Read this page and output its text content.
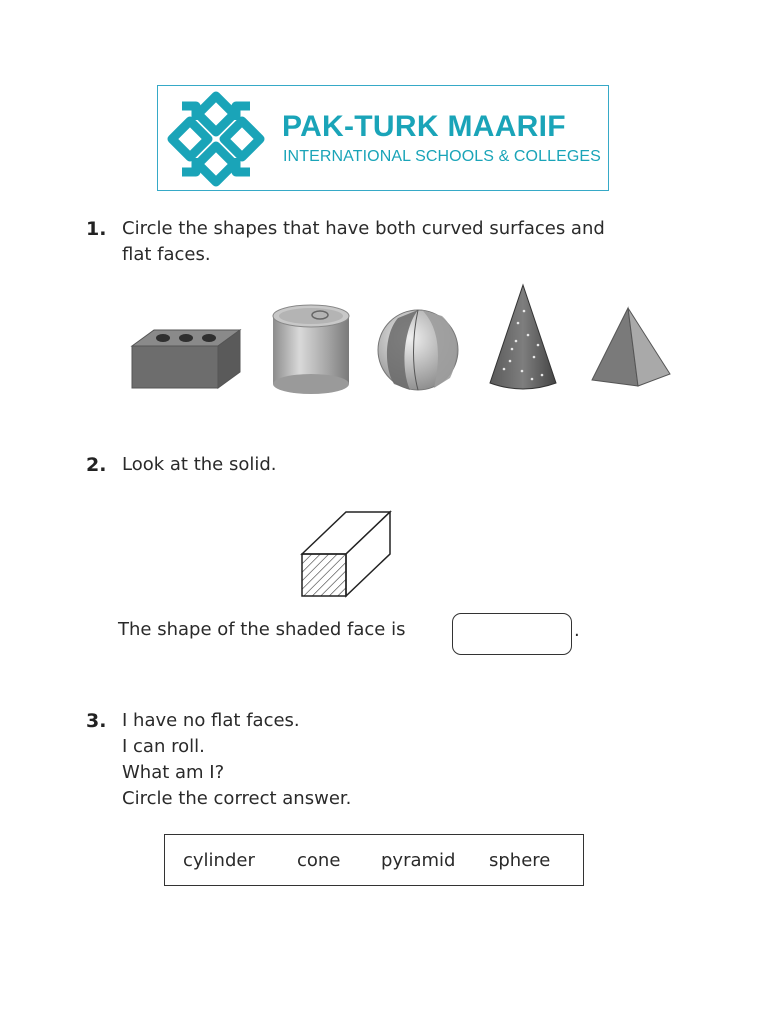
PAK-TURK MAARIF
INTERNATIONAL SCHOOLS & COLLEGES
1. Circle the shapes that have both curved surfaces and
flat faces.
2. Look at the solid.
The shape of the shaded face is	.
3. I have no flat faces.
I can roll.
What am I?
Circle the correct answer.
cylinder cone pyramid sphere
